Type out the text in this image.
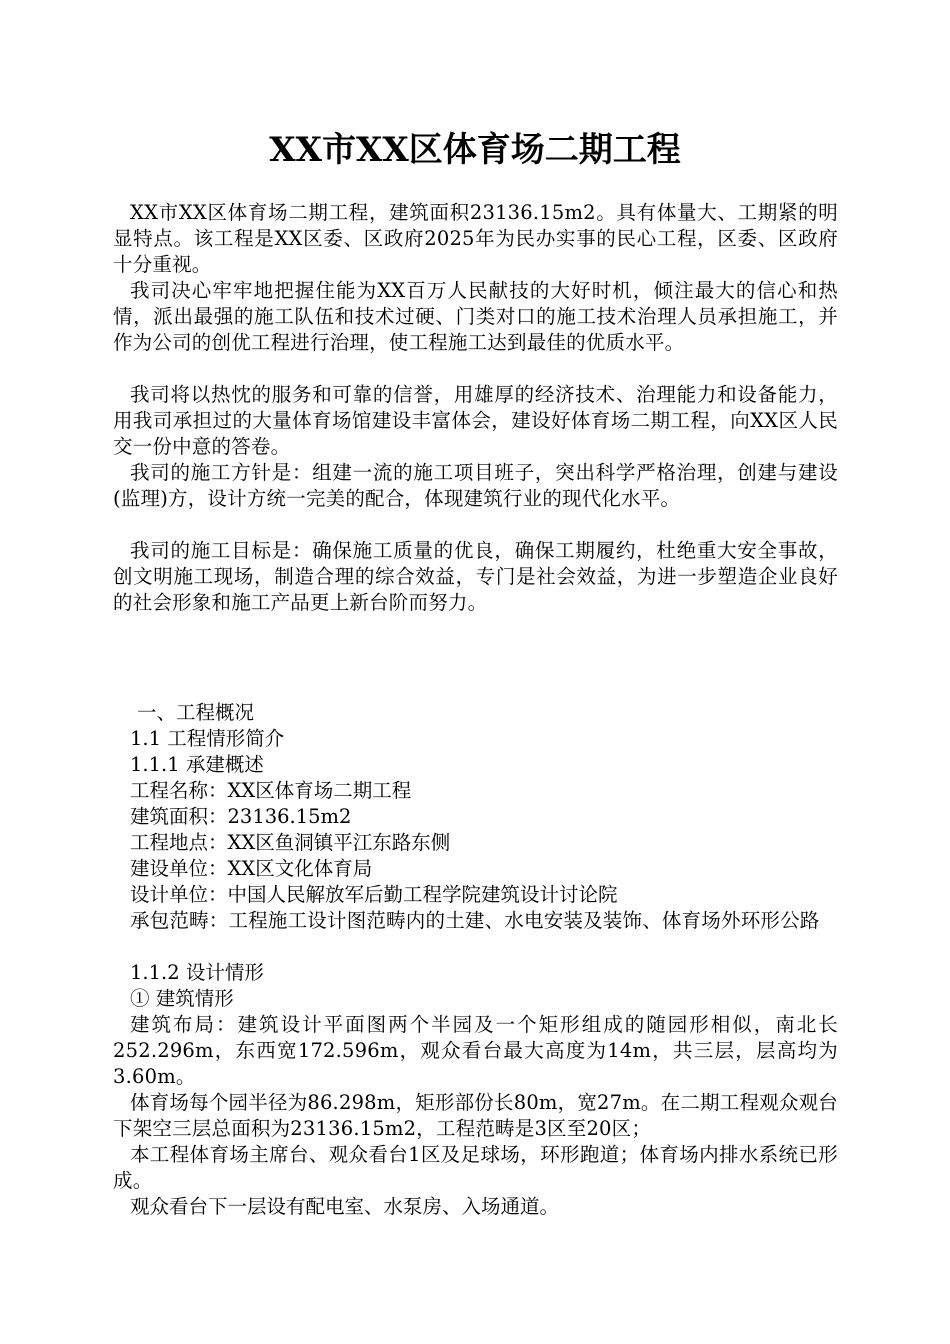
XX市XX区体育场二期工程
XX市XX区体育场二期工程，建筑面积23136.15m2。具有体量大、工期紧的明显特点。该工程是XX区委、区政府2025年为民办实事的民心工程，区委、区政府十分重视。
我司决心牢牢地把握住能为XX百万人民献技的大好时机，倾注最大的信心和热情，派出最强的施工队伍和技术过硬、门类对口的施工技术治理人员承担施工，并作为公司的创优工程进行治理，使工程施工达到最佳的优质水平。
我司将以热忱的服务和可靠的信誉，用雄厚的经济技术、治理能力和设备能力，用我司承担过的大量体育场馆建设丰富体会，建设好体育场二期工程，向XX区人民交一份中意的答卷。
我司的施工方针是：组建一流的施工项目班子，突出科学严格治理，创建与建设(监理)方，设计方统一完美的配合，体现建筑行业的现代化水平。
我司的施工目标是：确保施工质量的优良，确保工期履约，杜绝重大安全事故，创文明施工现场，制造合理的综合效益，专门是社会效益，为进一步塑造企业良好的社会形象和施工产品更上新台阶而努力。
一、工程概况
1.1 工程情形简介
1.1.1 承建概述
工程名称：XX区体育场二期工程
建筑面积：23136.15m2
工程地点：XX区鱼洞镇平江东路东侧
建设单位：XX区文化体育局
设计单位：中国人民解放军后勤工程学院建筑设计讨论院
承包范畴：工程施工设计图范畴内的土建、水电安装及装饰、体育场外环形公路
1.1.2 设计情形
① 建筑情形
建筑布局：建筑设计平面图两个半园及一个矩形组成的随园形相似，南北长252.296m，东西宽172.596m，观众看台最大高度为14m，共三层，层高均为3.60m。
体育场每个园半径为86.298m，矩形部份长80m，宽27m。在二期工程观众观台下架空三层总面积为23136.15m2，工程范畴是3区至20区；
本工程体育场主席台、观众看台1区及足球场，环形跑道；体育场内排水系统已形成。
观众看台下一层设有配电室、水泵房、入场通道。
